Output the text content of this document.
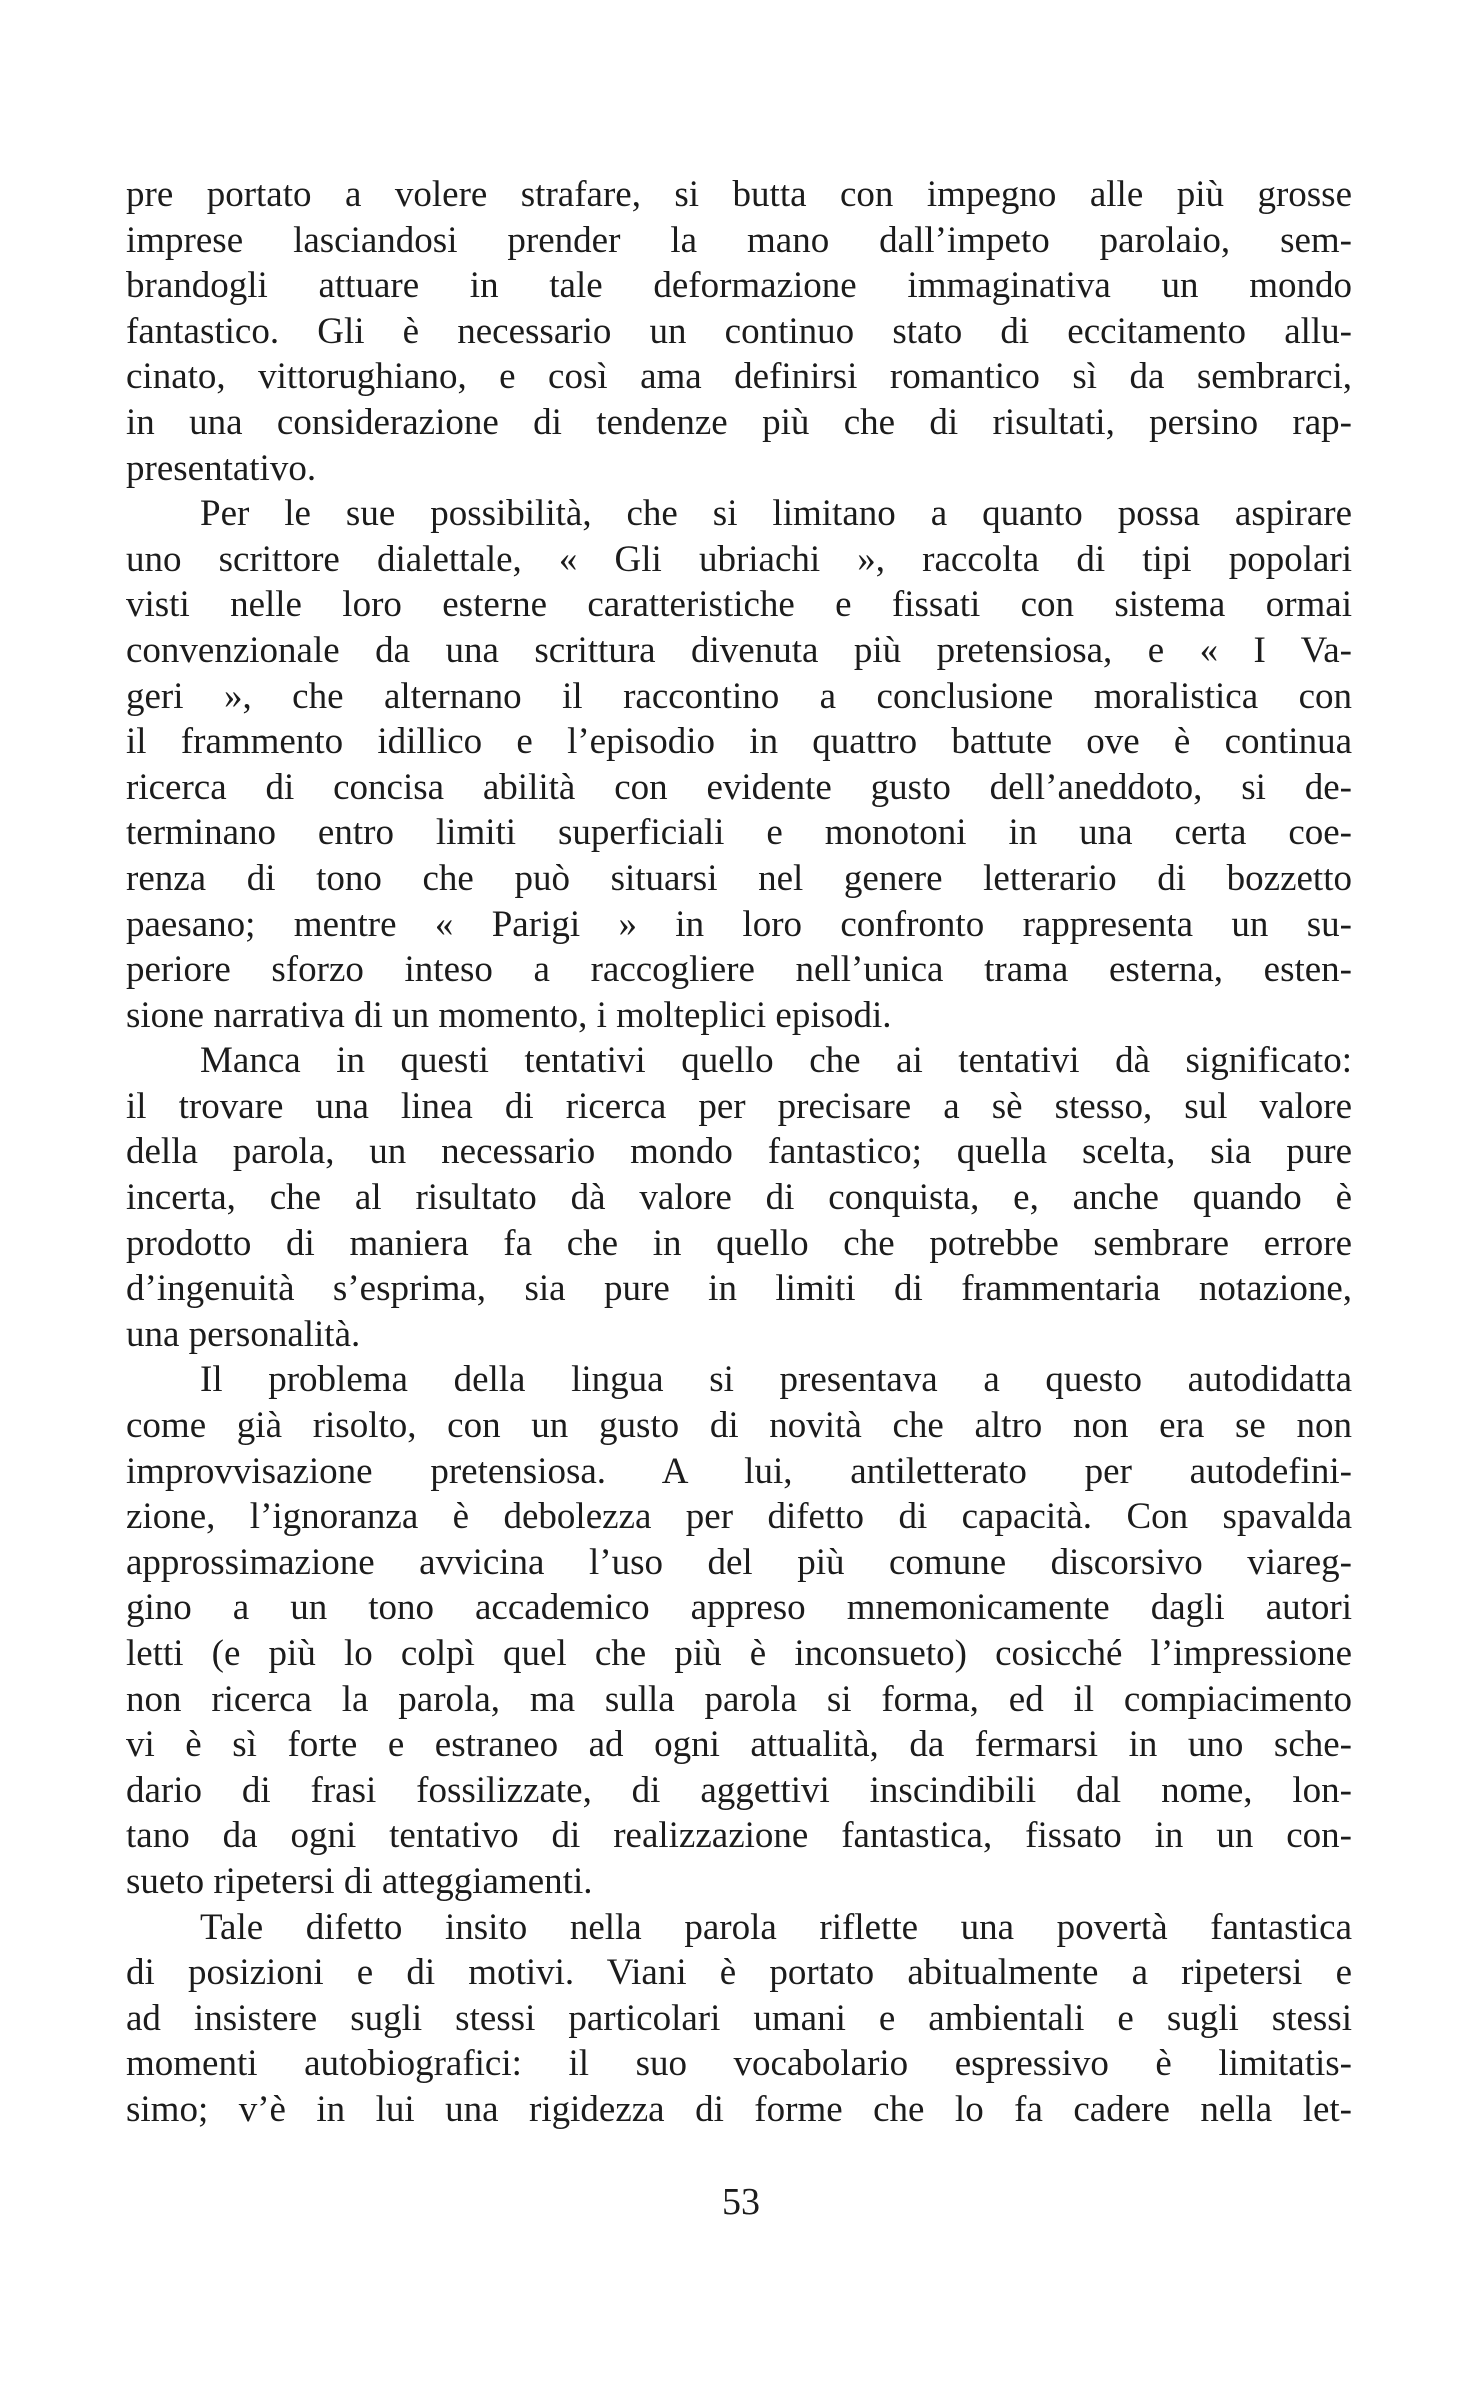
pre portato a volere strafare, si butta con impegno alle più grosse
imprese lasciandosi prender la mano dall’impeto parolaio, sem-
brandogli attuare in tale deformazione immaginativa un mondo
fantastico. Gli è necessario un continuo stato di eccitamento allu-
cinato, vittorughiano, e così ama definirsi romantico sì da sembrarci,
in una considerazione di tendenze più che di risultati, persino rap-
presentativo.
Per le sue possibilità, che si limitano a quanto possa aspirare
uno scrittore dialettale, « Gli ubriachi », raccolta di tipi popolari
visti nelle loro esterne caratteristiche e fissati con sistema ormai
convenzionale da una scrittura divenuta più pretensiosa, e « I Va-
geri », che alternano il raccontino a conclusione moralistica con
il frammento idillico e l’episodio in quattro battute ove è continua
ricerca di concisa abilità con evidente gusto dell’aneddoto, si de-
terminano entro limiti superficiali e monotoni in una certa coe-
renza di tono che può situarsi nel genere letterario di bozzetto
paesano; mentre « Parigi » in loro confronto rappresenta un su-
periore sforzo inteso a raccogliere nell’unica trama esterna, esten-
sione narrativa di un momento, i molteplici episodi.
Manca in questi tentativi quello che ai tentativi dà significato:
il trovare una linea di ricerca per precisare a sè stesso, sul valore
della parola, un necessario mondo fantastico; quella scelta, sia pure
incerta, che al risultato dà valore di conquista, e, anche quando è
prodotto di maniera fa che in quello che potrebbe sembrare errore
d’ingenuità s’esprima, sia pure in limiti di frammentaria notazione,
una personalità.
Il problema della lingua si presentava a questo autodidatta
come già risolto, con un gusto di novità che altro non era se non
improvvisazione pretensiosa. A lui, antiletterato per autodefini-
zione, l’ignoranza è debolezza per difetto di capacità. Con spavalda
approssimazione avvicina l’uso del più comune discorsivo viareg-
gino a un tono accademico appreso mnemonicamente dagli autori
letti (e più lo colpì quel che più è inconsueto) cosicché l’impressione
non ricerca la parola, ma sulla parola si forma, ed il compiacimento
vi è sì forte e estraneo ad ogni attualità, da fermarsi in uno sche-
dario di frasi fossilizzate, di aggettivi inscindibili dal nome, lon-
tano da ogni tentativo di realizzazione fantastica, fissato in un con-
sueto ripetersi di atteggiamenti.
Tale difetto insito nella parola riflette una povertà fantastica
di posizioni e di motivi. Viani è portato abitualmente a ripetersi e
ad insistere sugli stessi particolari umani e ambientali e sugli stessi
momenti autobiografici: il suo vocabolario espressivo è limitatis-
simo; v’è in lui una rigidezza di forme che lo fa cadere nella let-
53
